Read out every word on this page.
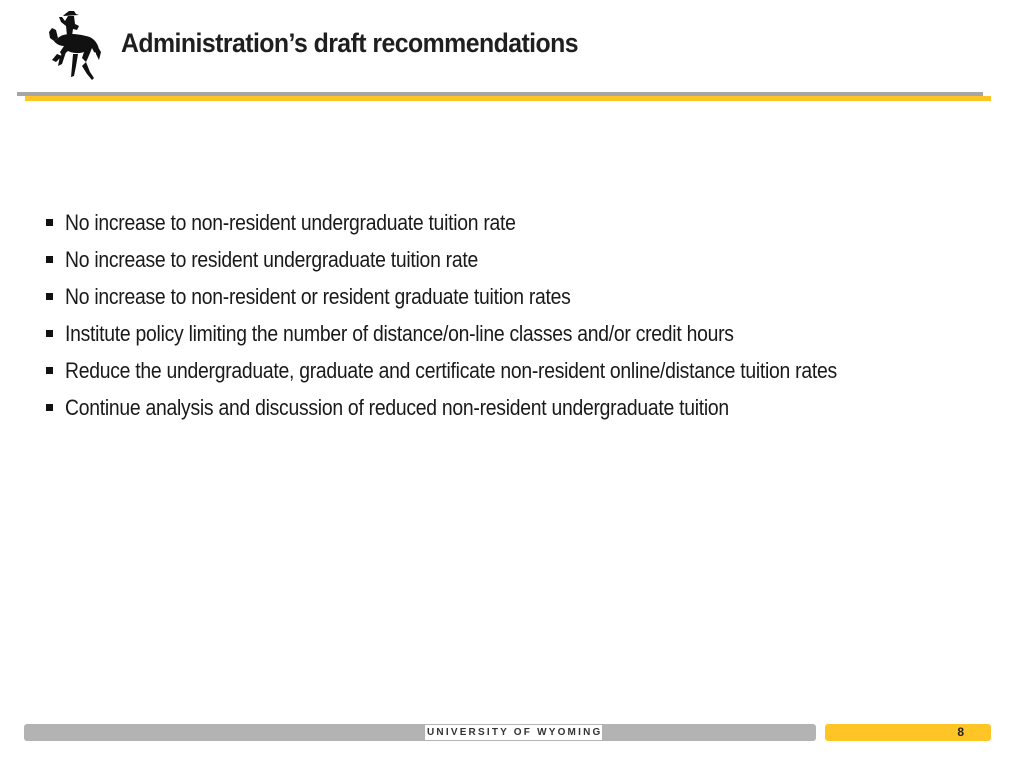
Administration’s draft recommendations
No increase to non-resident undergraduate tuition rate
No increase to resident undergraduate tuition rate
No increase to non-resident or resident graduate tuition rates
Institute policy limiting the number of distance/on-line classes and/or credit hours
Reduce the undergraduate, graduate and certificate non-resident online/distance tuition rates
Continue analysis and discussion of reduced non-resident undergraduate tuition
UNIVERSITY OF WYOMING	8
